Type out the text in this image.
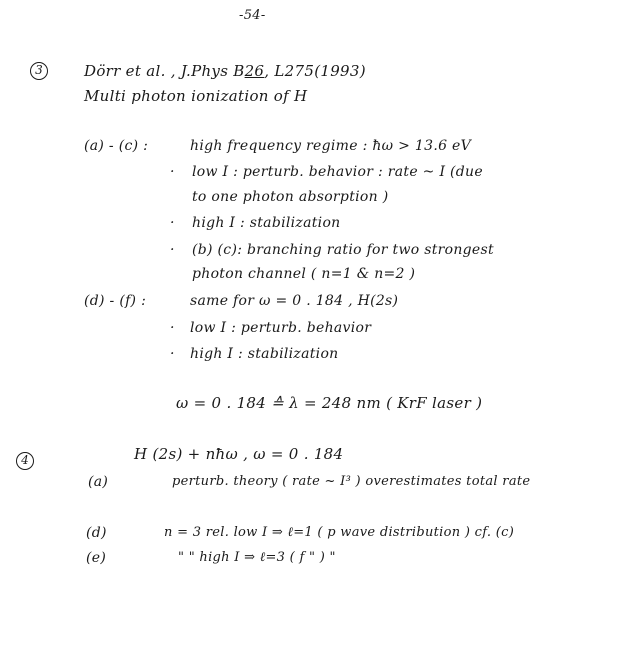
-54-
3	Dörr et al. , J.Phys B26, L275(1993)
Multi photon ionization of H
(a) - (c) :	high frequency regime : ħω > 13.6 eV
· low I : perturb. behavior : rate ~ I (due
to one photon absorption )
· high I : stabilization
· (b) (c): branching ratio for two strongest
photon channel ( n=1 & n=2 )
(d) - (f) :	same for ω = 0 . 184 , H(2s)
· low I : perturb. behavior
· high I : stabilization
ω = 0 . 184 ≙ λ = 248 nm ( KrF laser )
4	H (2s) + nħω , ω = 0 . 184
(a)	perturb. theory ( rate ~ I³ ) overestimates total rate
(d)	n = 3 rel. low I ⇒ ℓ=1 ( p wave distribution ) cf. (c)
(e)	" " high I ⇒ ℓ=3 ( f " ) "
